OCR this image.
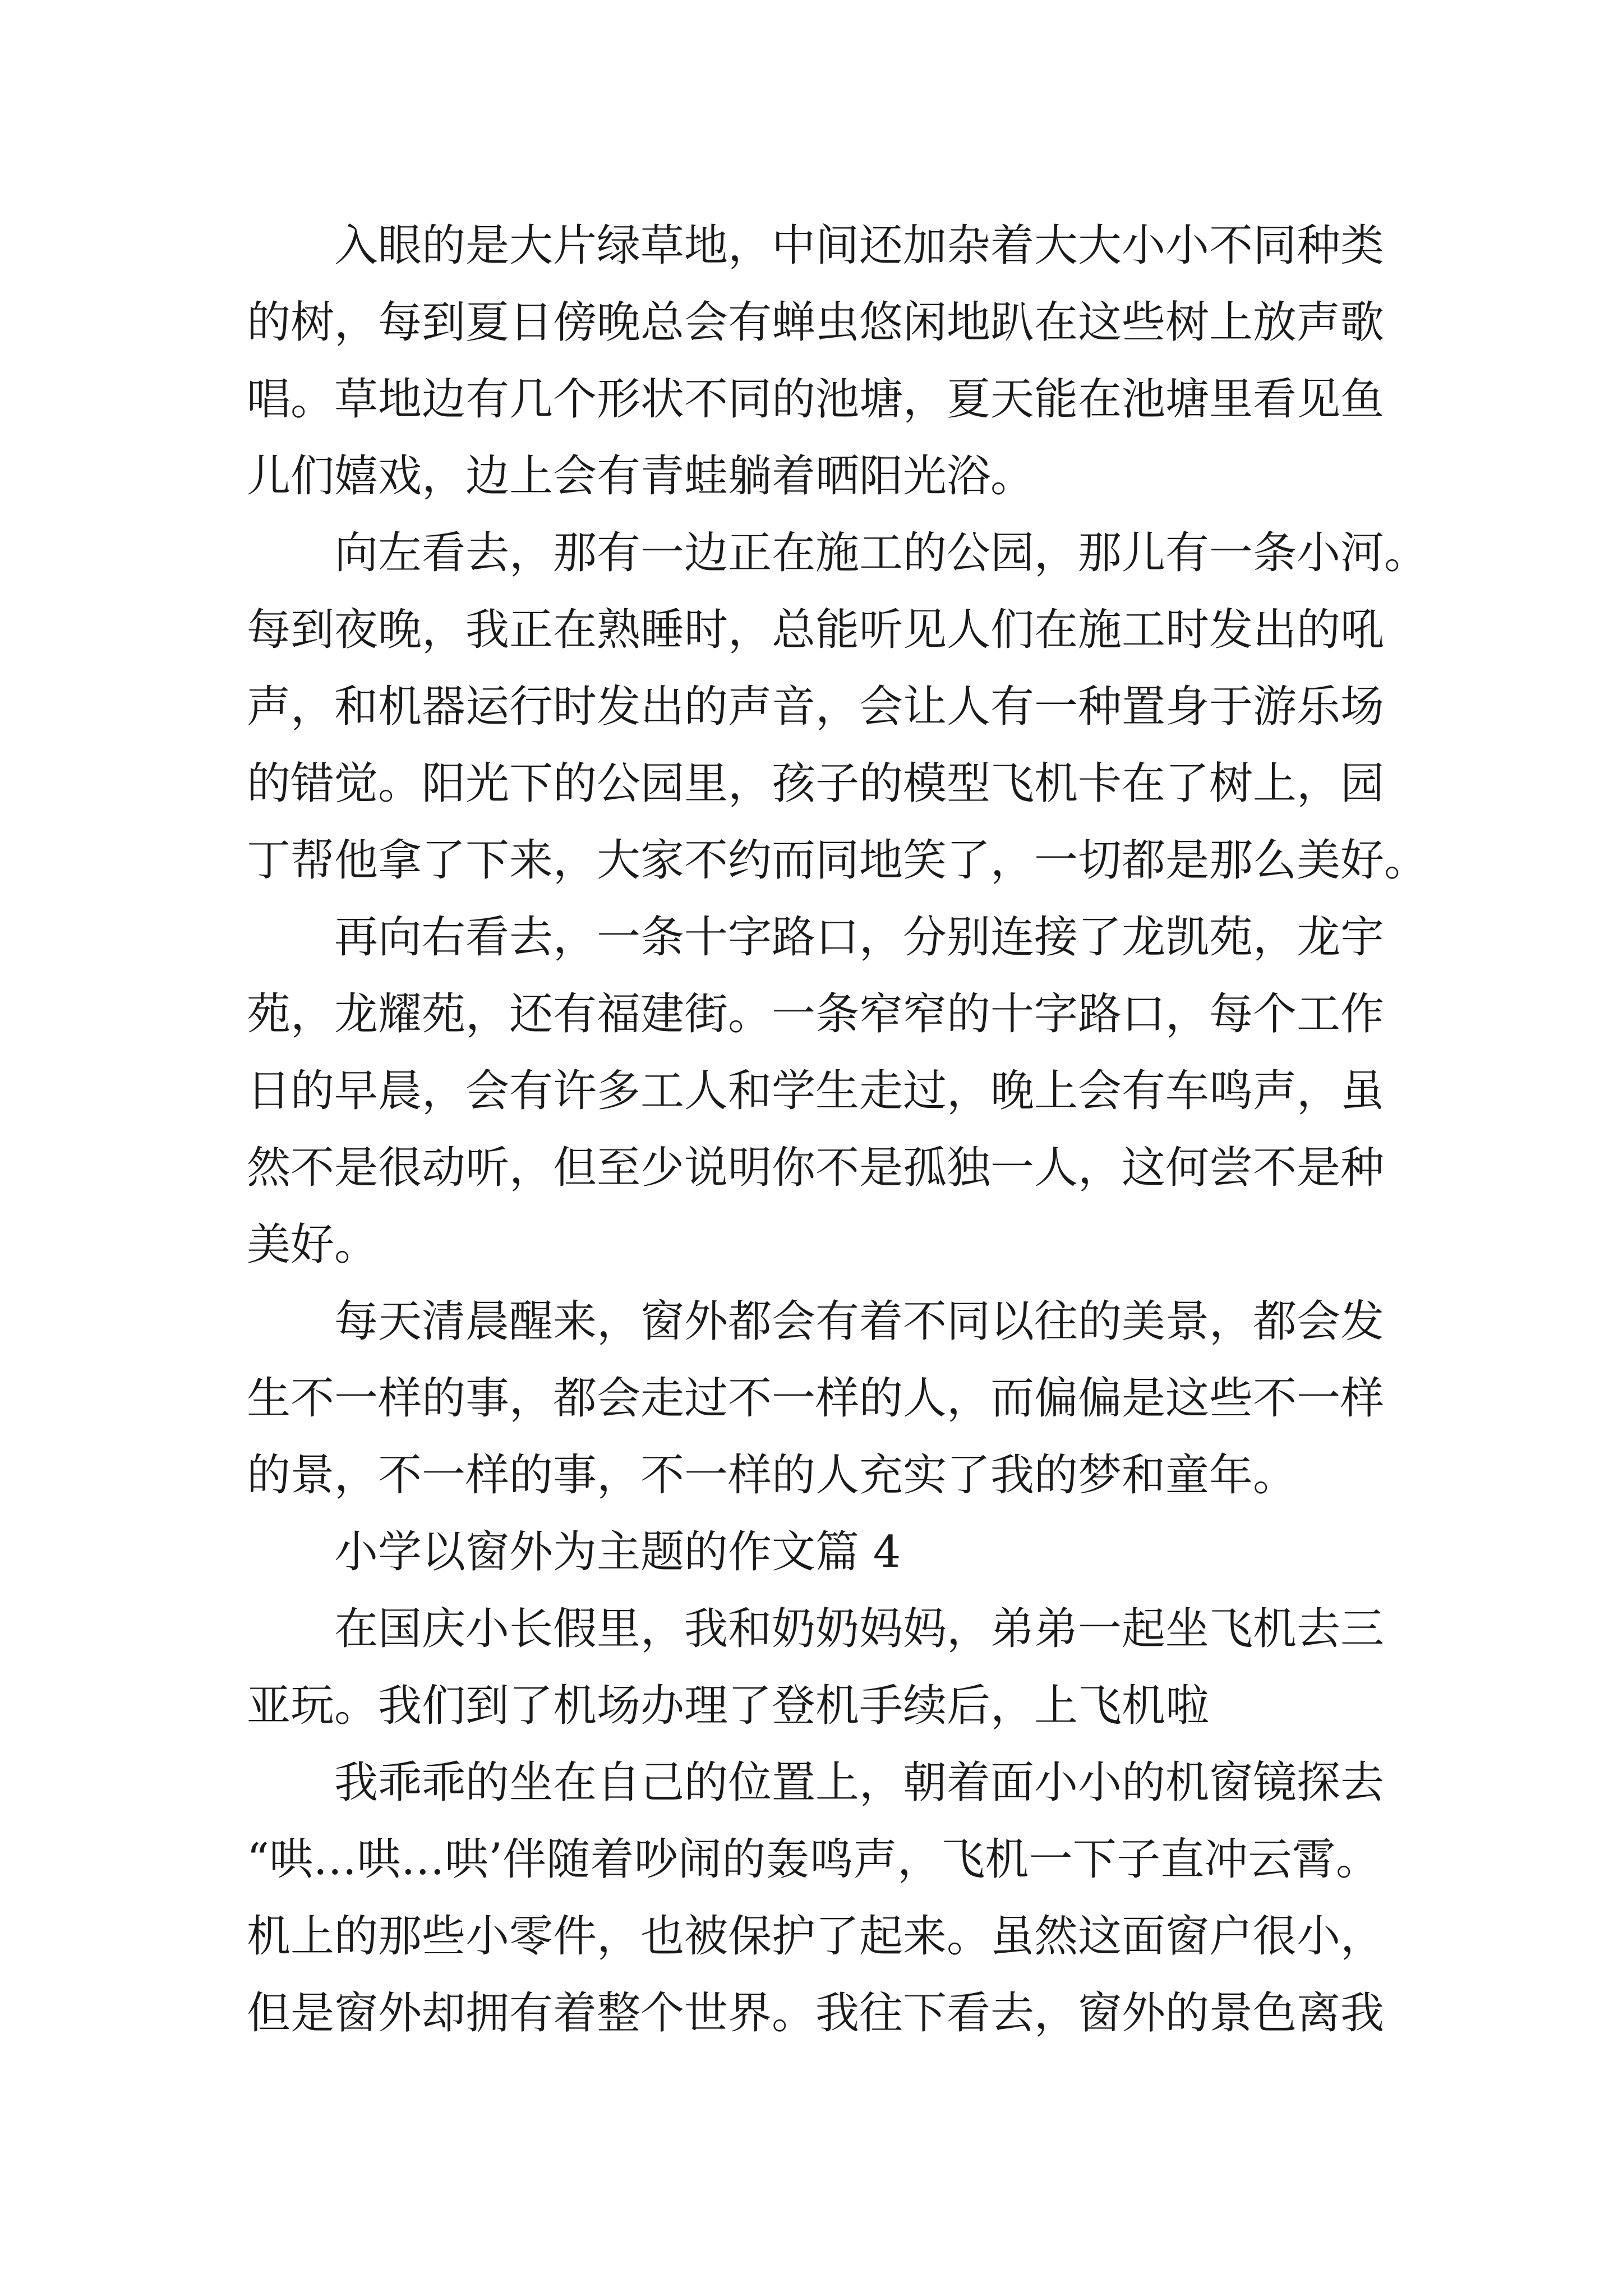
入眼的是大片绿草地，中间还加杂着大大小小不同种类
的树，每到夏日傍晚总会有蝉虫悠闲地趴在这些树上放声歌
唱。草地边有几个形状不同的池塘，夏天能在池塘里看见鱼
儿们嬉戏，边上会有青蛙躺着晒阳光浴。
向左看去，那有一边正在施工的公园，那儿有一条小河。
每到夜晚，我正在熟睡时，总能听见人们在施工时发出的吼
声，和机器运行时发出的声音，会让人有一种置身于游乐场
的错觉。阳光下的公园里，孩子的模型飞机卡在了树上，园
丁帮他拿了下来，大家不约而同地笑了，一切都是那么美好。
再向右看去，一条十字路口，分别连接了龙凯苑，龙宇
苑，龙耀苑，还有福建街。一条窄窄的十字路口，每个工作
日的早晨，会有许多工人和学生走过，晚上会有车鸣声，虽
然不是很动听，但至少说明你不是孤独一人，这何尝不是种
美好。
每天清晨醒来，窗外都会有着不同以往的美景，都会发
生不一样的事，都会走过不一样的人，而偏偏是这些不一样
的景，不一样的事，不一样的人充实了我的梦和童年。
小学以窗外为主题的作文篇 4
在国庆小长假里，我和奶奶妈妈，弟弟一起坐飞机去三
亚玩。我们到了机场办理了登机手续后，上飞机啦
我乖乖的坐在自己的位置上，朝着面小小的机窗镜探去
“哄…哄…哄’伴随着吵闹的轰鸣声，飞机一下子直冲云霄。
机上的那些小零件，也被保护了起来。虽然这面窗户很小，
但是窗外却拥有着整个世界。我往下看去，窗外的景色离我
